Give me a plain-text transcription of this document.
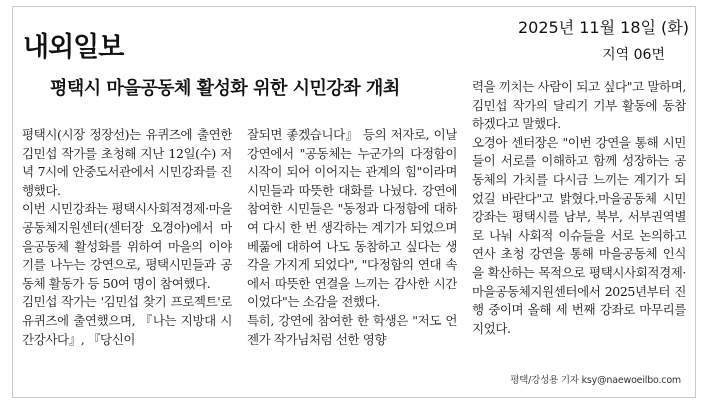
내외일보
2025년 11월 18일 (화)
지역 06면
평택시 마을공동체 활성화 위한 시민강좌 개최
평택시(시장 정장선)는 유퀴즈에 출연한 김민섭 작가를 초청해 지난 12일(수) 저녁 7시에 안중도서관에서 시민강좌를 진행했다.
이번 시민강좌는 평택시사회적경제·마을공동체지원센터(센터장 오경아)에서 마을공동체 활성화를 위하여 마을의 이야기를 나누는 강연으로, 평택시민들과 공동체 활동가 등 50여 명이 참여했다.
김민섭 작가는 '김민섭 찾기 프로젝트'로 유퀴즈에 출연했으며, 『나는 지방대 시간강사다』, 『당신이
잘되면 좋겠습니다』 등의 저자로, 이날 강연에서 "공동체는 누군가의 다정함이 시작이 되어 이어지는 관계의 힘"이라며 시민들과 따뜻한 대화를 나눴다. 강연에 참여한 시민들은 "동정과 다정함에 대하여 다시 한 번 생각하는 계기가 되었으며 베풂에 대하여 나도 동참하고 싶다는 생각을 가지게 되었다", "다정함의 연대 속에서 따뜻한 연결을 느끼는 감사한 시간이었다"는 소감을 전했다.
특히, 강연에 참여한 한 학생은 "저도 언젠가 작가님처럼 선한 영향
력을 끼치는 사람이 되고 싶다"고 말하며, 김민섭 작가의 달리기 기부 활동에 동참하겠다고 말했다.
오경아 센터장은 "이번 강연을 통해 시민들이 서로를 이해하고 함께 성장하는 공동체의 가치를 다시금 느끼는 계기가 되었길 바란다"고 밝혔다.마을공동체 시민강좌는 평택시를 남부, 북부, 서부권역별로 나눠 사회적 이슈들을 서로 논의하고 연사 초청 강연을 통해 마을공동체 인식을 확산하는 목적으로 평택시사회적경제·마을공동체지원센터에서 2025년부터 진행 중이며 올해 세 번째 강좌로 마무리를 지었다.
평택/강성용 기자 ksy@naewoeilbo.com
